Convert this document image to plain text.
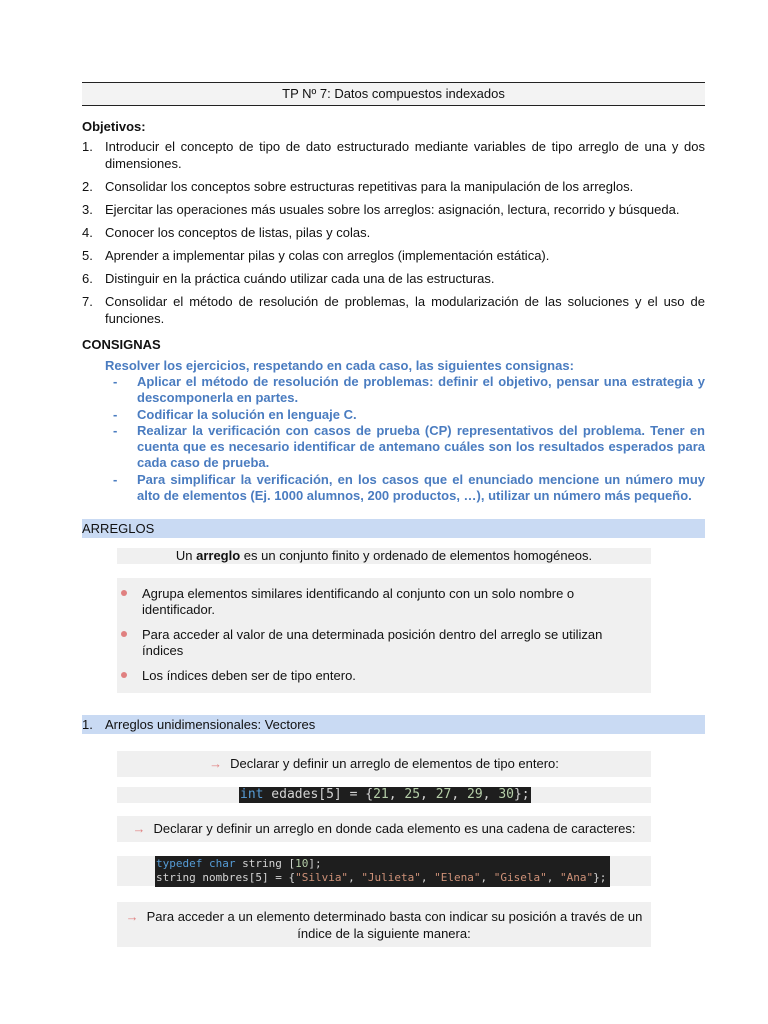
TP Nº 7: Datos compuestos indexados
Objetivos:
1. Introducir el concepto de tipo de dato estructurado mediante variables de tipo arreglo de una y dos dimensiones.
2. Consolidar los conceptos sobre estructuras repetitivas para la manipulación de los arreglos.
3. Ejercitar las operaciones más usuales sobre los arreglos: asignación, lectura, recorrido y búsqueda.
4. Conocer los conceptos de listas, pilas y colas.
5. Aprender a implementar pilas y colas con arreglos (implementación estática).
6. Distinguir en la práctica cuándo utilizar cada una de las estructuras.
7. Consolidar el método de resolución de problemas, la modularización de las soluciones y el uso de funciones.
CONSIGNAS
Resolver los ejercicios, respetando en cada caso, las siguientes consignas:
- Aplicar el método de resolución de problemas: definir el objetivo, pensar una estrategia y descomponerla en partes.
- Codificar la solución en lenguaje C.
- Realizar la verificación con casos de prueba (CP) representativos del problema. Tener en cuenta que es necesario identificar de antemano cuáles son los resultados esperados para cada caso de prueba.
- Para simplificar la verificación, en los casos que el enunciado mencione un número muy alto de elementos (Ej. 1000 alumnos, 200 productos, …), utilizar un número más pequeño.
ARREGLOS
Un arreglo es un conjunto finito y ordenado de elementos homogéneos.
Agrupa elementos similares identificando al conjunto con un solo nombre o identificador.
Para acceder al valor de una determinada posición dentro del arreglo se utilizan índices
Los índices deben ser de tipo entero.
1. Arreglos unidimensionales: Vectores
→ Declarar y definir un arreglo de elementos de tipo entero:
int edades[5] = {21, 25, 27, 29, 30};
→ Declarar y definir un arreglo en donde cada elemento es una cadena de caracteres:
typedef char string [10];
string nombres[5] = {"Silvia", "Julieta", "Elena", "Gisela", "Ana"};
→ Para acceder a un elemento determinado basta con indicar su posición a través de un índice de la siguiente manera:
